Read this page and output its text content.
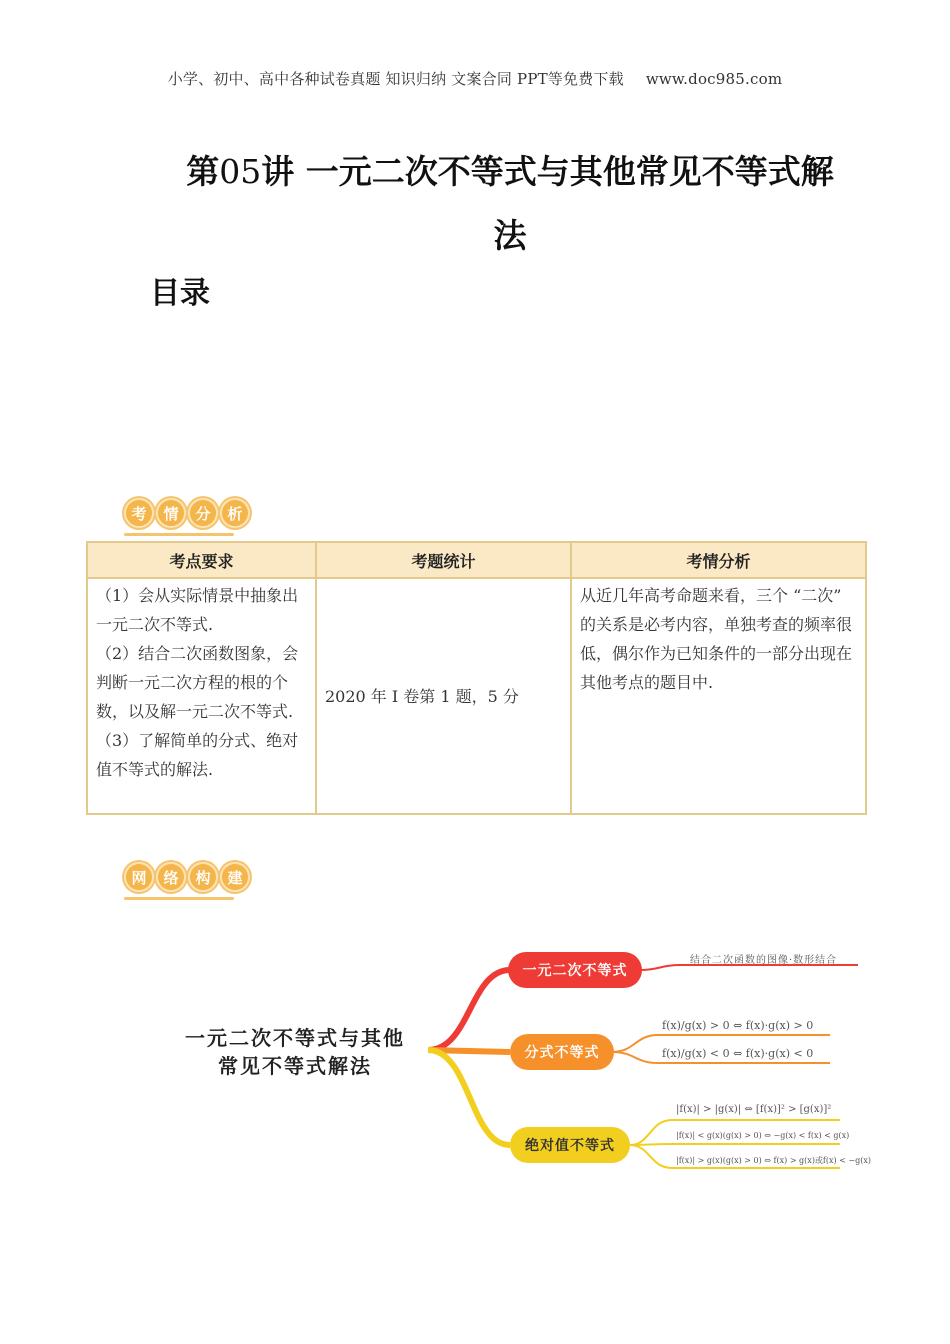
小学、初中、高中各种试卷真题 知识归纳 文案合同 PPT等免费下载 www.doc985.com
第05讲 一元二次不等式与其他常见不等式解
法
目录
考	情	分	析
考点要求	考题统计	考情分析

（1）会从实际情景中抽象出一元二次不等式.

（2）结合二次函数图象，会判断一元二次方程的根的个数，以及解一元二次不等式.

（3）了解简单的分式、绝对值不等式的解法.	2020 年 I 卷第 1 题，5 分	从近几年高考命题来看，三个 “二次” 的关系是必考内容，单独考查的频率很低，偶尔作为已知条件的一部分出现在其他考点的题目中.
网	络	构	建
一元二次不等式与其他
常见不等式解法
一元二次不等式
分式不等式
绝对值不等式
结合二次函数的图像·数形结合
f(x)/g(x) > 0 ⇔ f(x)·g(x) > 0
f(x)/g(x) < 0 ⇔ f(x)·g(x) < 0
|f(x)| > |g(x)| ⇔ [f(x)]² > [g(x)]²
|f(x)| < g(x)(g(x) > 0) ⇔ −g(x) < f(x) < g(x)
|f(x)| > g(x)(g(x) > 0) ⇔ f(x) > g(x)或f(x) < −g(x)
